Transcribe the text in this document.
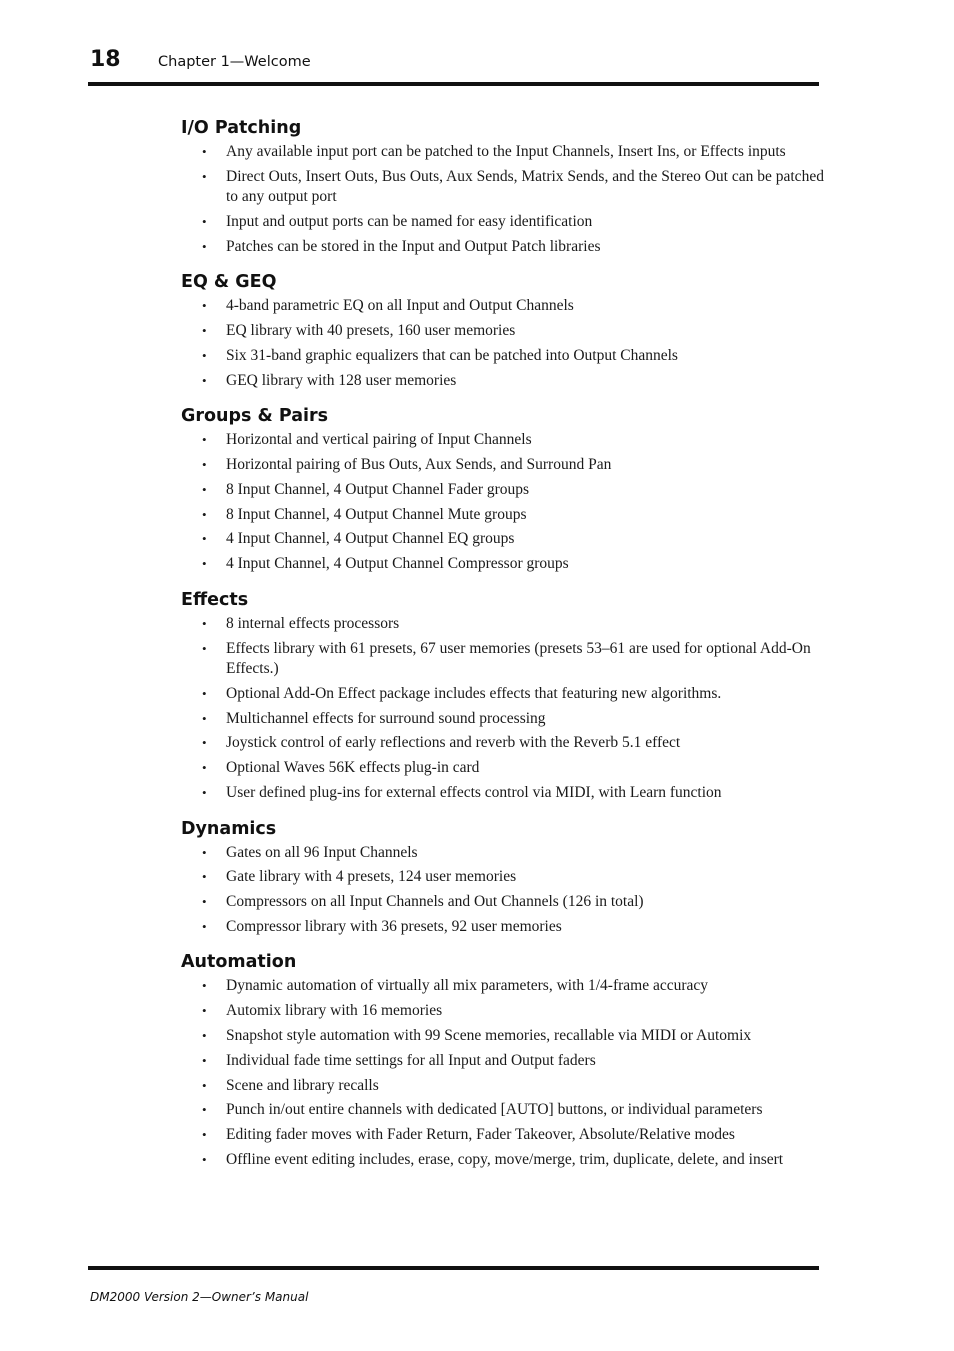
18	Chapter 1—Welcome
I/O Patching
• Any available input port can be patched to the Input Channels, Insert Ins, or Effects inputs
• Direct Outs, Insert Outs, Bus Outs, Aux Sends, Matrix Sends, and the Stereo Out can be patched to any output port
• Input and output ports can be named for easy identification
• Patches can be stored in the Input and Output Patch libraries
EQ & GEQ
• 4-band parametric EQ on all Input and Output Channels
• EQ library with 40 presets, 160 user memories
• Six 31-band graphic equalizers that can be patched into Output Channels
• GEQ library with 128 user memories
Groups & Pairs
• Horizontal and vertical pairing of Input Channels
• Horizontal pairing of Bus Outs, Aux Sends, and Surround Pan
• 8 Input Channel, 4 Output Channel Fader groups
• 8 Input Channel, 4 Output Channel Mute groups
• 4 Input Channel, 4 Output Channel EQ groups
• 4 Input Channel, 4 Output Channel Compressor groups
Effects
• 8 internal effects processors
• Effects library with 61 presets, 67 user memories (presets 53–61 are used for optional Add-On Effects.)
• Optional Add-On Effect package includes effects that featuring new algorithms.
• Multichannel effects for surround sound processing
• Joystick control of early reflections and reverb with the Reverb 5.1 effect
• Optional Waves 56K effects plug-in card
• User defined plug-ins for external effects control via MIDI, with Learn function
Dynamics
• Gates on all 96 Input Channels
• Gate library with 4 presets, 124 user memories
• Compressors on all Input Channels and Out Channels (126 in total)
• Compressor library with 36 presets, 92 user memories
Automation
• Dynamic automation of virtually all mix parameters, with 1/4-frame accuracy
• Automix library with 16 memories
• Snapshot style automation with 99 Scene memories, recallable via MIDI or Automix
• Individual fade time settings for all Input and Output faders
• Scene and library recalls
• Punch in/out entire channels with dedicated [AUTO] buttons, or individual parameters
• Editing fader moves with Fader Return, Fader Takeover, Absolute/Relative modes
• Offline event editing includes, erase, copy, move/merge, trim, duplicate, delete, and insert
DM2000 Version 2—Owner’s Manual
